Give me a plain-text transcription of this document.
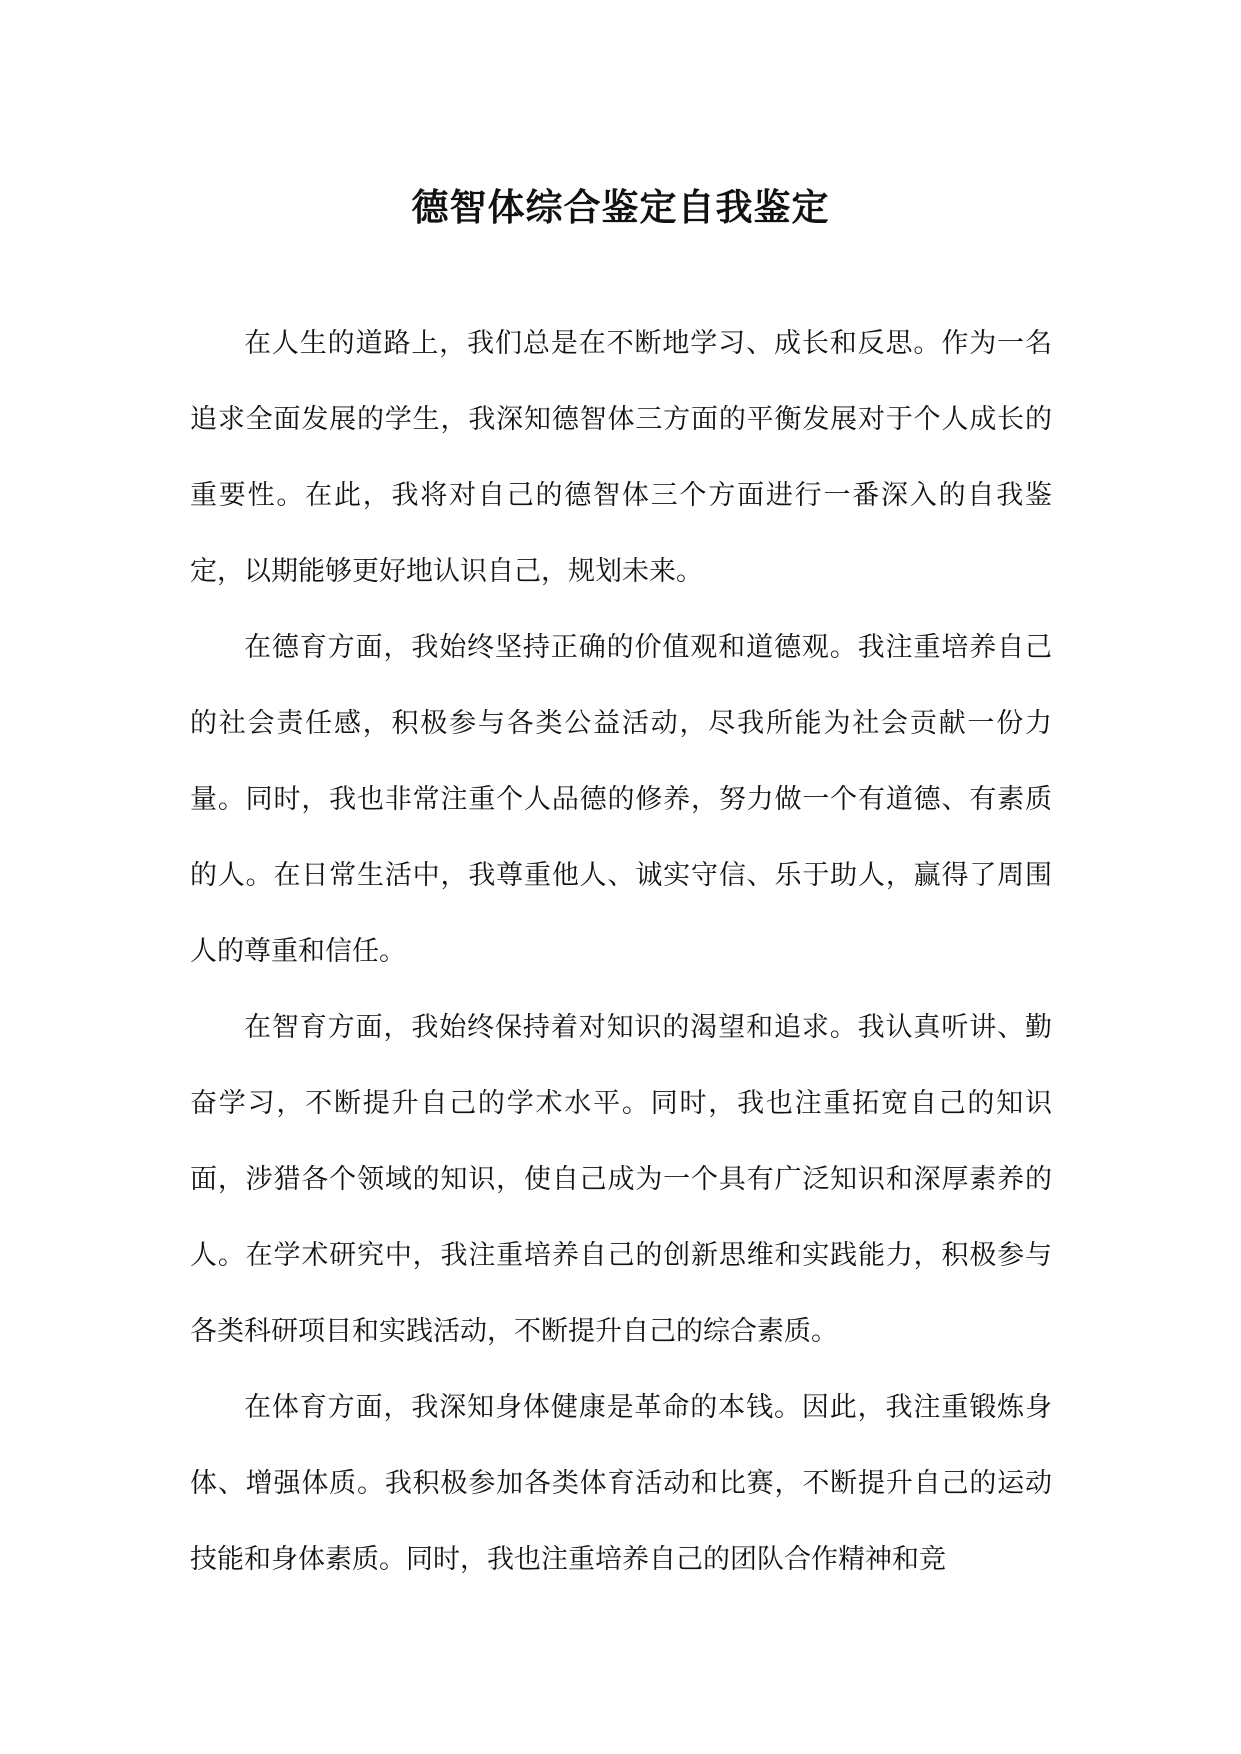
德智体综合鉴定自我鉴定

在人生的道路上，我们总是在不断地学习、成长和反思。作为一名追求全面发展的学生，我深知德智体三方面的平衡发展对于个人成长的重要性。在此，我将对自己的德智体三个方面进行一番深入的自我鉴定，以期能够更好地认识自己，规划未来。

在德育方面，我始终坚持正确的价值观和道德观。我注重培养自己的社会责任感，积极参与各类公益活动，尽我所能为社会贡献一份力量。同时，我也非常注重个人品德的修养，努力做一个有道德、有素质的人。在日常生活中，我尊重他人、诚实守信、乐于助人，赢得了周围人的尊重和信任。

在智育方面，我始终保持着对知识的渴望和追求。我认真听讲、勤奋学习，不断提升自己的学术水平。同时，我也注重拓宽自己的知识面，涉猎各个领域的知识，使自己成为一个具有广泛知识和深厚素养的人。在学术研究中，我注重培养自己的创新思维和实践能力，积极参与各类科研项目和实践活动，不断提升自己的综合素质。

在体育方面，我深知身体健康是革命的本钱。因此，我注重锻炼身体、增强体质。我积极参加各类体育活动和比赛，不断提升自己的运动技能和身体素质。同时，我也注重培养自己的团队合作精神和竞
